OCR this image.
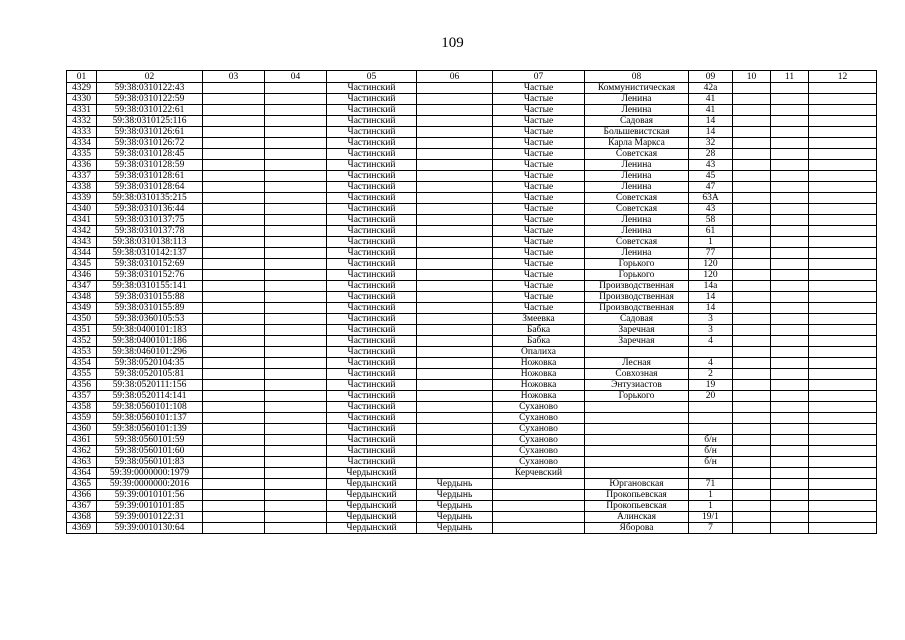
109
01	02	03	04	05	06	07	08	09	10	11	12
4329	59:38:0310122:43			Частинский		Частые	Коммунистическая	42а			
4330	59:38:0310122:59			Частинский		Частые	Ленина	41			
4331	59:38:0310122:61			Частинский		Частые	Ленина	41			
4332	59:38:0310125:116			Частинский		Частые	Садовая	14			
4333	59:38:0310126:61			Частинский		Частые	Большевистская	14			
4334	59:38:0310126:72			Частинский		Частые	Карла Маркса	32			
4335	59:38:0310128:45			Частинский		Частые	Советская	28			
4336	59:38:0310128:59			Частинский		Частые	Ленина	43			
4337	59:38:0310128:61			Частинский		Частые	Ленина	45			
4338	59:38:0310128:64			Частинский		Частые	Ленина	47			
4339	59:38:0310135:215			Частинский		Частые	Советская	63А			
4340	59:38:0310136:44			Частинский		Частые	Советская	43			
4341	59:38:0310137:75			Частинский		Частые	Ленина	58			
4342	59:38:0310137:78			Частинский		Частые	Ленина	61			
4343	59:38:0310138:113			Частинский		Частые	Советская	1			
4344	59:38:0310142:137			Частинский		Частые	Ленина	77			
4345	59:38:0310152:69			Частинский		Частые	Горького	120			
4346	59:38:0310152:76			Частинский		Частые	Горького	120			
4347	59:38:0310155:141			Частинский		Частые	Производственная	14а			
4348	59:38:0310155:88			Частинский		Частые	Производственная	14			
4349	59:38:0310155:89			Частинский		Частые	Производственная	14			
4350	59:38:0360105:53			Частинский		Змеевка	Садовая	3			
4351	59:38:0400101:183			Частинский		Бабка	Заречная	3			
4352	59:38:0400101:186			Частинский		Бабка	Заречная	4			
4353	59:38:0460101:296			Частинский		Опалиха					
4354	59:38:0520104:35			Частинский		Ножовка	Лесная	4			
4355	59:38:0520105:81			Частинский		Ножовка	Совхозная	2			
4356	59:38:0520111:156			Частинский		Ножовка	Энтузиастов	19			
4357	59:38:0520114:141			Частинский		Ножовка	Горького	20			
4358	59:38:0560101:108			Частинский		Суханово					
4359	59:38:0560101:137			Частинский		Суханово					
4360	59:38:0560101:139			Частинский		Суханово					
4361	59:38:0560101:59			Частинский		Суханово		б/н			
4362	59:38:0560101:60			Частинский		Суханово		б/н			
4363	59:38:0560101:83			Частинский		Суханово		б/н			
4364	59:39:0000000:1979			Чердынский		Керчевский					
4365	59:39:0000000:2016			Чердынский	Чердынь		Юргановская	71			
4366	59:39:0010101:56			Чердынский	Чердынь		Прокопьевская	1			
4367	59:39:0010101:85			Чердынский	Чердынь		Прокопьевская	1			
4368	59:39:0010122:31			Чердынский	Чердынь		Алинская	19/1			
4369	59:39:0010130:64			Чердынский	Чердынь		Яборова	7			
